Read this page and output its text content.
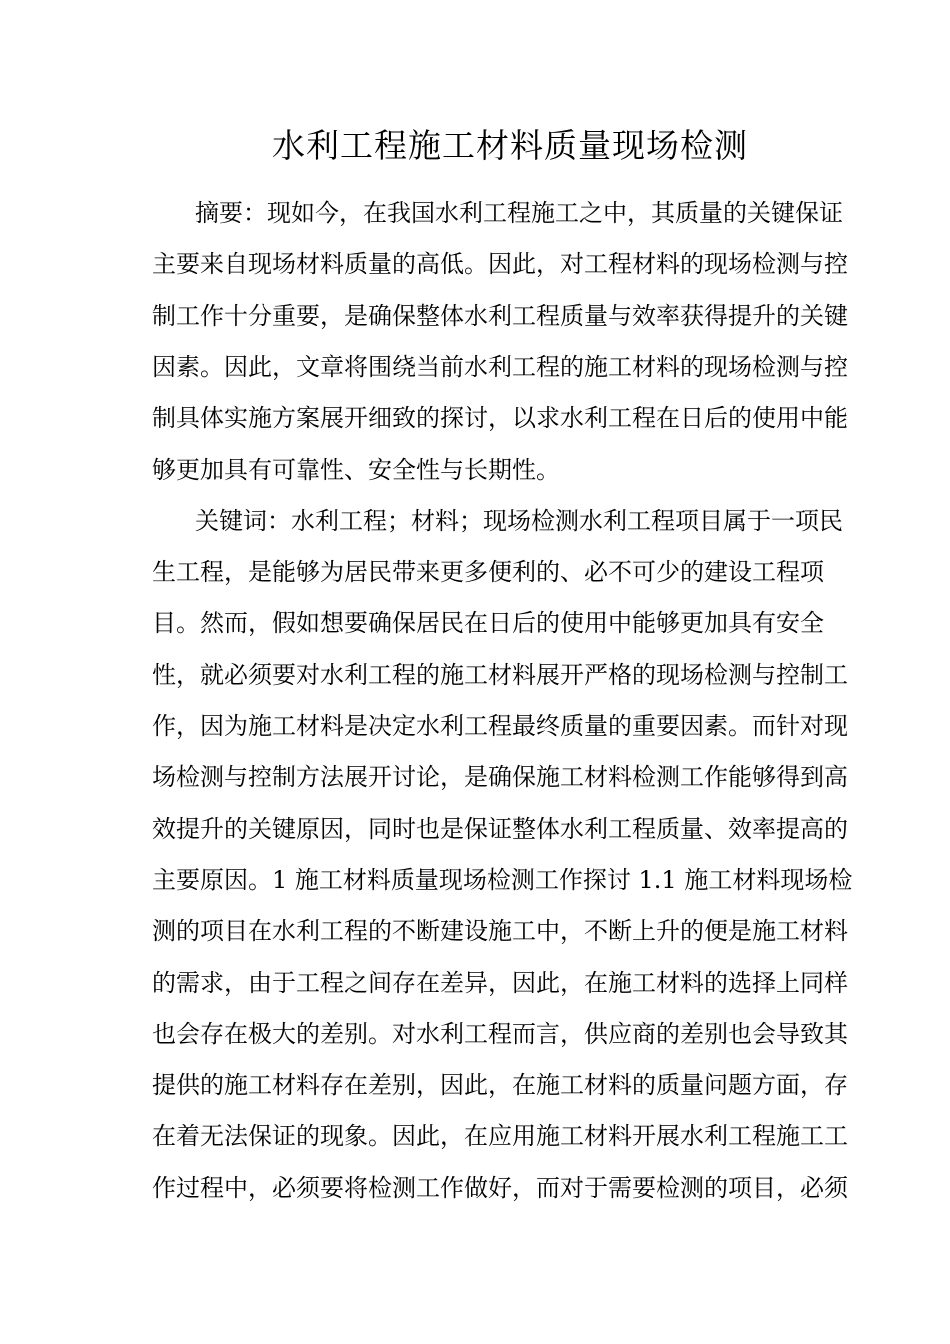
水利工程施工材料质量现场检测
摘要：现如今，在我国水利工程施工之中，其质量的关键保证
主要来自现场材料质量的高低。因此，对工程材料的现场检测与控
制工作十分重要，是确保整体水利工程质量与效率获得提升的关键
因素。因此，文章将围绕当前水利工程的施工材料的现场检测与控
制具体实施方案展开细致的探讨，以求水利工程在日后的使用中能
够更加具有可靠性、安全性与长期性。
关键词：水利工程；材料；现场检测水利工程项目属于一项民
生工程，是能够为居民带来更多便利的、必不可少的建设工程项
目。然而，假如想要确保居民在日后的使用中能够更加具有安全
性，就必须要对水利工程的施工材料展开严格的现场检测与控制工
作，因为施工材料是决定水利工程最终质量的重要因素。而针对现
场检测与控制方法展开讨论，是确保施工材料检测工作能够得到高
效提升的关键原因，同时也是保证整体水利工程质量、效率提高的
主要原因。1 施工材料质量现场检测工作探讨 1.1 施工材料现场检
测的项目在水利工程的不断建设施工中，不断上升的便是施工材料
的需求，由于工程之间存在差异，因此，在施工材料的选择上同样
也会存在极大的差别。对水利工程而言，供应商的差别也会导致其
提供的施工材料存在差别，因此，在施工材料的质量问题方面，存
在着无法保证的现象。因此，在应用施工材料开展水利工程施工工
作过程中，必须要将检测工作做好，而对于需要检测的项目，必须
